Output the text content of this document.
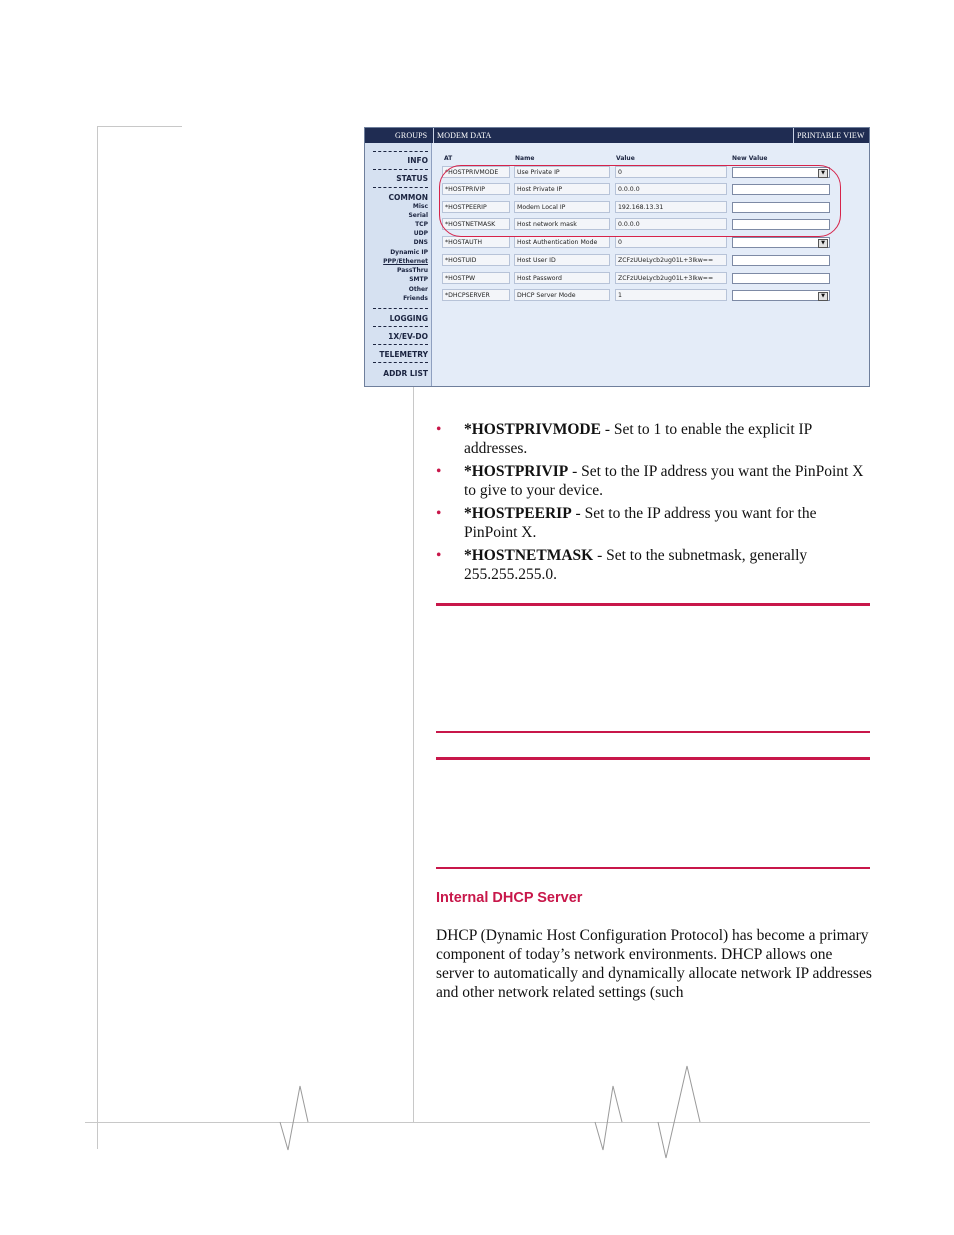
GROUPS MODEM DATA	PRINTABLE VIEW
INFO
STATUS
COMMON
Misc
Serial
TCP
UDP
DNS
Dynamic IP
PPP/Ethernet
PassThru
SMTP
Other
Friends
LOGGING
1X/EV-DO
TELEMETRY
ADDR LIST
AT	Name	Value	New Value
*HOSTPRIVMODE	Use Private IP	0	▼
*HOSTPRIVIP	Host Private IP	0.0.0.0
*HOSTPEERIP	Modem Local IP	192.168.13.31
*HOSTNETMASK	Host network mask	0.0.0.0
*HOSTAUTH	Host Authentication Mode	0	▼
*HOSTUID	Host User ID	ZCFzUUeLycb2ug01L+3Ikw==
*HOSTPW	Host Password	ZCFzUUeLycb2ug01L+3Ikw==
*DHCPSERVER	DHCP Server Mode	1	▼
• *HOSTPRIVMODE - Set to 1 to enable the explicit IP addresses.
• *HOSTPRIVIP - Set to the IP address you want the PinPoint X to give to your device.
• *HOSTPEERIP - Set to the IP address you want for the PinPoint X.
• *HOSTNETMASK - Set to the subnetmask, generally 255.255.255.0.
Internal DHCP Server
DHCP (Dynamic Host Configuration Protocol) has become a primary component of today’s network environments. DHCP allows one server to automatically and dynamically allocate network IP addresses and other network related settings (such
